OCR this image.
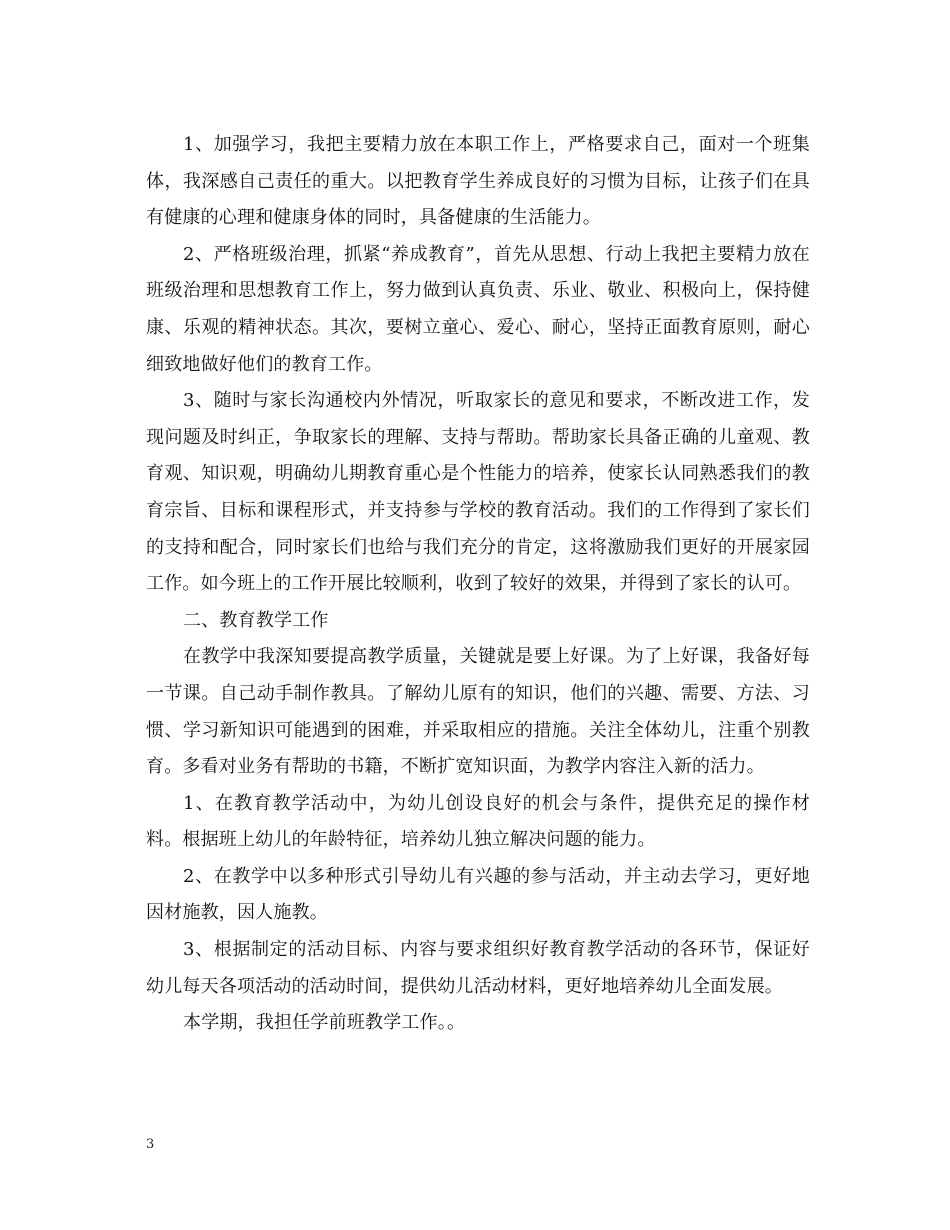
1、加强学习，我把主要精力放在本职工作上，严格要求自己，面对一个班集体，我深感自己责任的重大。以把教育学生养成良好的习惯为目标，让孩子们在具有健康的心理和健康身体的同时，具备健康的生活能力。

2、严格班级治理，抓紧“养成教育”，首先从思想、行动上我把主要精力放在班级治理和思想教育工作上，努力做到认真负责、乐业、敬业、积极向上，保持健康、乐观的精神状态。其次，要树立童心、爱心、耐心，坚持正面教育原则，耐心细致地做好他们的教育工作。

3、随时与家长沟通校内外情况，听取家长的意见和要求，不断改进工作，发现问题及时纠正，争取家长的理解、支持与帮助。帮助家长具备正确的儿童观、教育观、知识观，明确幼儿期教育重心是个性能力的培养，使家长认同熟悉我们的教育宗旨、目标和课程形式，并支持参与学校的教育活动。我们的工作得到了家长们的支持和配合，同时家长们也给与我们充分的肯定，这将激励我们更好的开展家园工作。如今班上的工作开展比较顺利，收到了较好的效果，并得到了家长的认可。

二、教育教学工作

在教学中我深知要提高教学质量，关键就是要上好课。为了上好课，我备好每一节课。自己动手制作教具。了解幼儿原有的知识，他们的兴趣、需要、方法、习惯、学习新知识可能遇到的困难，并采取相应的措施。关注全体幼儿，注重个别教育。多看对业务有帮助的书籍，不断扩宽知识面，为教学内容注入新的活力。

1、在教育教学活动中，为幼儿创设良好的机会与条件，提供充足的操作材料。根据班上幼儿的年龄特征，培养幼儿独立解决问题的能力。

2、在教学中以多种形式引导幼儿有兴趣的参与活动，并主动去学习，更好地因材施教，因人施教。

3、根据制定的活动目标、内容与要求组织好教育教学活动的各环节，保证好幼儿每天各项活动的活动时间，提供幼儿活动材料，更好地培养幼儿全面发展。

本学期，我担任学前班教学工作。。

3
